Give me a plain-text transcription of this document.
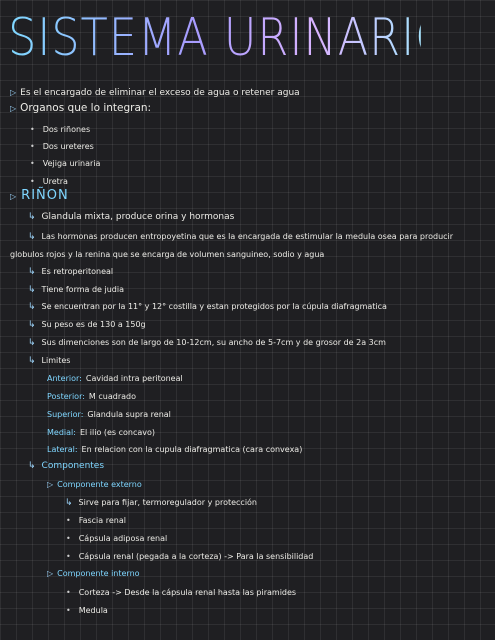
SISTEMA URINARIO
▷ Es el encargado de eliminar el exceso de agua o retener agua
▷ Organos que lo integran:
• Dos riñones
• Dos ureteres
• Vejiga urinaria
• Uretra
▷ RIÑON
↳ Glandula mixta, produce orina y hormonas
↳ Las hormonas producen entropoyetina que es la encargada de estimular la medula osea para producir
globulos rojos y la renina que se encarga de volumen sanguineo, sodio y agua
↳ Es retroperitoneal
↳ Tiene forma de judia
↳ Se encuentran por la 11° y 12° costilla y estan protegidos por la cúpula diafragmatica
↳ Su peso es de 130 a 150g
↳ Sus dimenciones son de largo de 10-12cm, su ancho de 5-7cm y de grosor de 2a 3cm
↳ Limites
Anterior: Cavidad intra peritoneal
Posterior: M cuadrado
Superior: Glandula supra renal
Medial: El ilio (es concavo)
Lateral: En relacion con la cupula diafragmatica (cara convexa)
↳ Componentes
▷ Componente externo
↳ Sirve para fijar, termoregulador y protección
• Fascia renal
• Cápsula adiposa renal
• Cápsula renal (pegada a la corteza) -> Para la sensibilidad
▷ Componente interno
• Corteza -> Desde la cápsula renal hasta las piramides
• Medula
